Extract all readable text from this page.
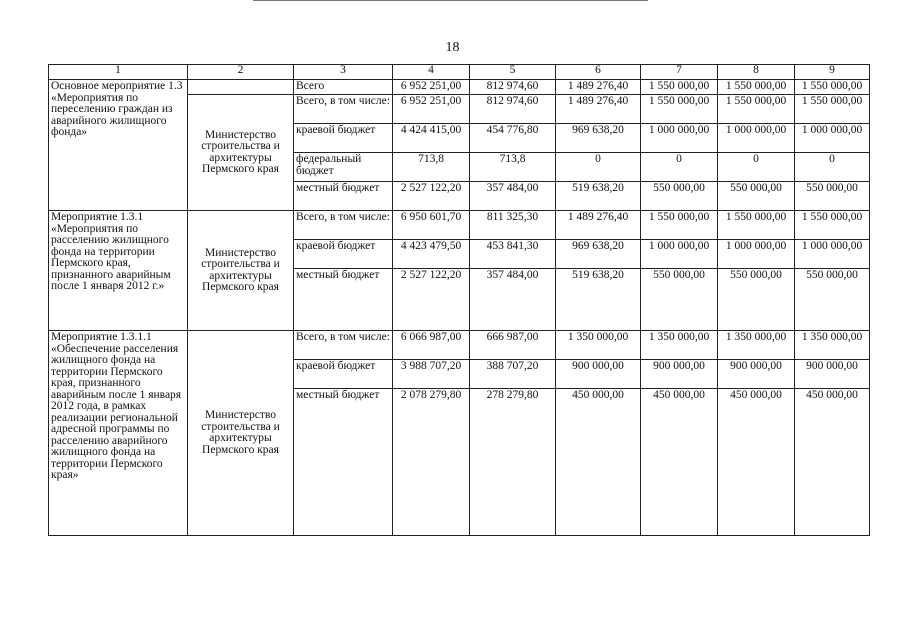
18
1	2	3	4	5	6	7	8	9
Основное мероприятие 1.3 «Мероприятия по переселению граждан из аварийного жилищного фонда»		Всего	6 952 251,00	812 974,60	1 489 276,40	1 550 000,00	1 550 000,00	1 550 000,00
	Министерство строительства и архитектуры Пермского края	Всего, в том числе:	6 952 251,00	812 974,60	1 489 276,40	1 550 000,00	1 550 000,00	1 550 000,00
		краевой бюджет	4 424 415,00	454 776,80	969 638,20	1 000 000,00	1 000 000,00	1 000 000,00
		федеральный бюджет	713,8	713,8	0	0	0	0
		местный бюджет	2 527 122,20	357 484,00	519 638,20	550 000,00	550 000,00	550 000,00
Мероприятие 1.3.1 «Мероприятия по расселению жилищного фонда на территории Пермского края, признанного аварийным после 1 января 2012 г.»	Министерство строительства и архитектуры Пермского края	Всего, в том числе:	6 950 601,70	811 325,30	1 489 276,40	1 550 000,00	1 550 000,00	1 550 000,00
		краевой бюджет	4 423 479,50	453 841,30	969 638,20	1 000 000,00	1 000 000,00	1 000 000,00
		местный бюджет	2 527 122,20	357 484,00	519 638,20	550 000,00	550 000,00	550 000,00
Мероприятие 1.3.1.1 «Обеспечение расселения жилищного фонда на территории Пермского края, признанного аварийным после 1 января 2012 года, в рамках реализации региональной адресной программы по расселению аварийного жилищного фонда на территории Пермского края»	Министерство строительства и архитектуры Пермского края	Всего, в том числе:	6 066 987,00	666 987,00	1 350 000,00	1 350 000,00	1 350 000,00	1 350 000,00
		краевой бюджет	3 988 707,20	388 707,20	900 000,00	900 000,00	900 000,00	900 000,00
		местный бюджет	2 078 279,80	278 279,80	450 000,00	450 000,00	450 000,00	450 000,00
